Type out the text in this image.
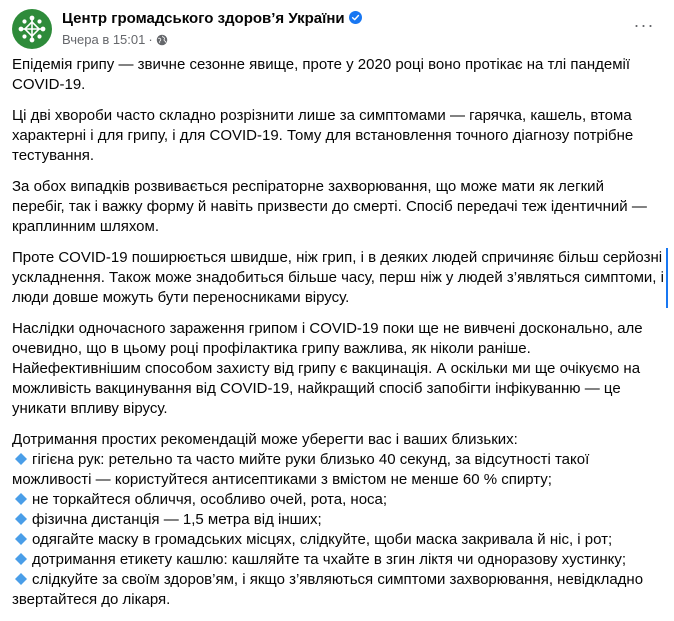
Центр громадського здоров’я України
Вчера в 15:01 ·
···

Епідемія грипу — звичне сезонне явище, проте у 2020 році воно протікає на тлі пандемії
COVID-19.

Ці дві хвороби часто складно розрізнити лише за симптомами — гарячка, кашель, втома
характерні і для грипу, і для COVID-19. Тому для встановлення точного діагнозу потрібне
тестування.

За обох випадків розвивається респіраторне захворювання, що може мати як легкий
перебіг, так і важку форму й навіть призвести до смерті. Спосіб передачі теж ідентичний —
краплинним шляхом.

Проте COVID-19 поширюється швидше, ніж грип, і в деяких людей спричиняє більш серйозні
ускладнення. Також може знадобиться більше часу, перш ніж у людей з’являться симптоми, і
люди довше можуть бути переносниками вірусу.

Наслідки одночасного зараження грипом і COVID-19 поки ще не вивчені досконально, але
очевидно, що в цьому році профілактика грипу важлива, як ніколи раніше.
Найефективнішим способом захисту від грипу є вакцинація. А оскільки ми ще очікуємо на
можливість вакцинування від COVID-19, найкращий спосіб запобігти інфікуванню — це
уникати впливу вірусу.

Дотримання простих рекомендацій може уберегти вас і ваших близьких:
гігієна рук: ретельно та часто мийте руки близько 40 секунд, за відсутності такої
можливості — користуйтеся антисептиками з вмістом не менше 60 % спирту;
не торкайтеся обличчя, особливо очей, рота, носа;
фізична дистанція — 1,5 метра від інших;
одягайте маску в громадських місцях, слідкуйте, щоби маска закривала й ніс, і рот;
дотримання етикету кашлю: кашляйте та чхайте в згин ліктя чи одноразову хустинку;
слідкуйте за своїм здоров’ям, і якщо з’являються симптоми захворювання, невідкладно
звертайтеся до лікаря.
